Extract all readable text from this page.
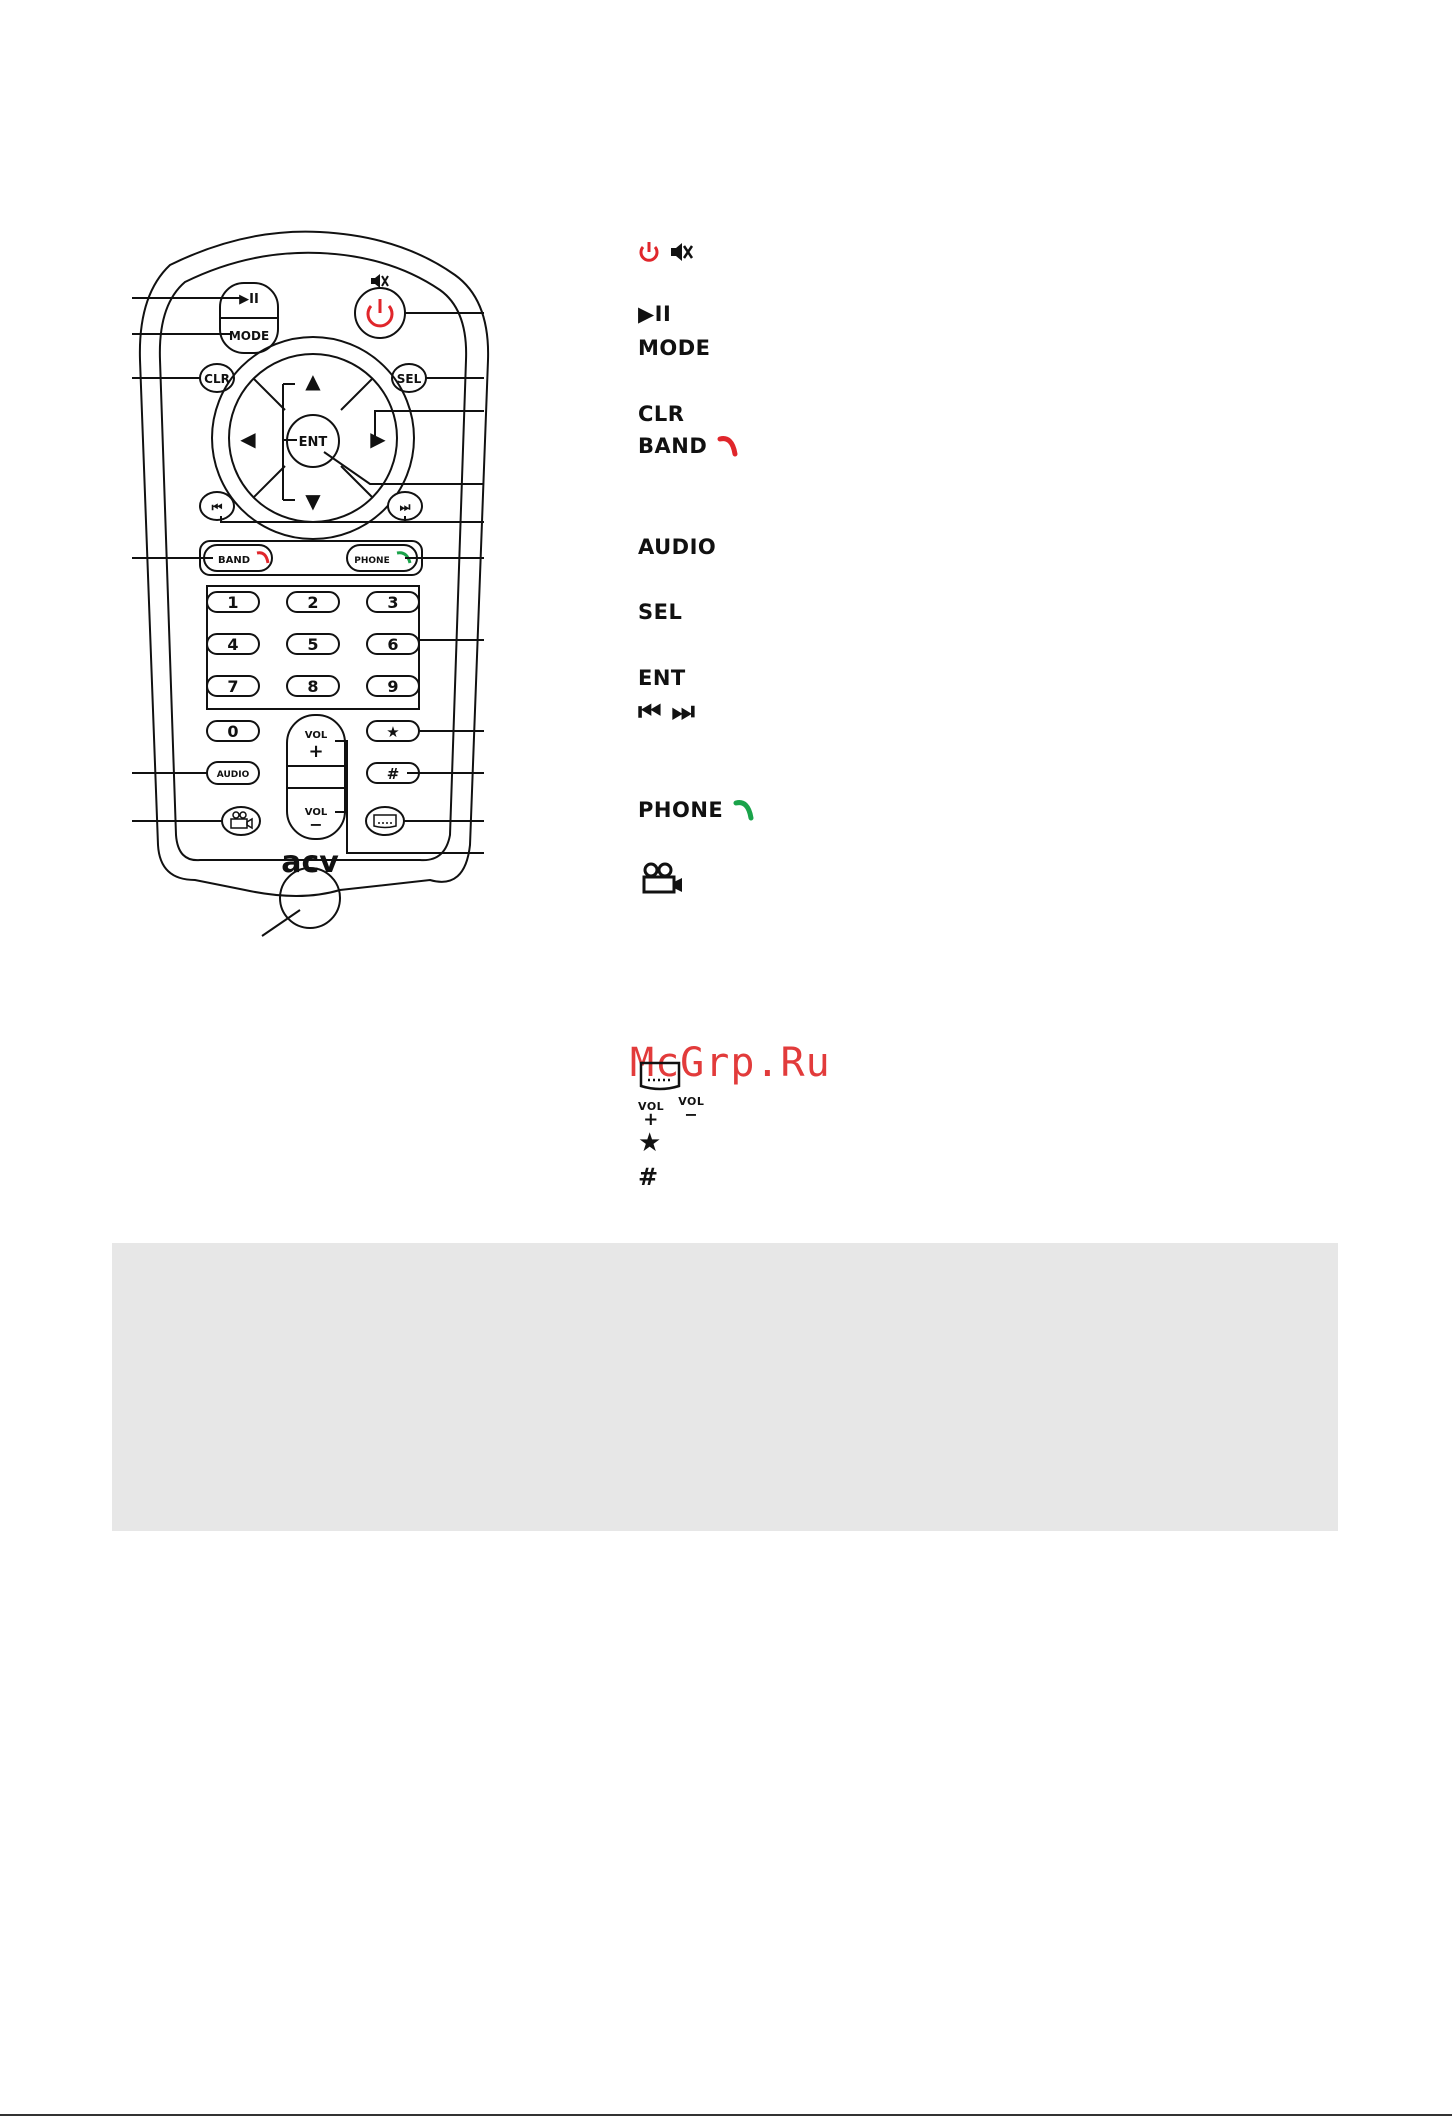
▶II
MODE
CLR	SEL
▲
▼
◀	▶
ENT
⏮	⏭
BAND	PHONE
1	2	3
4	5	6
7	8	9
0
AUDIO
VOL
+
VOL
−
★
#
acv
▶II
MODE
CLR
BAND
AUDIO
SEL
ENT
⏮ ⏭
PHONE
McGrp.Ru
VOL
+
VOL
−
★
#
